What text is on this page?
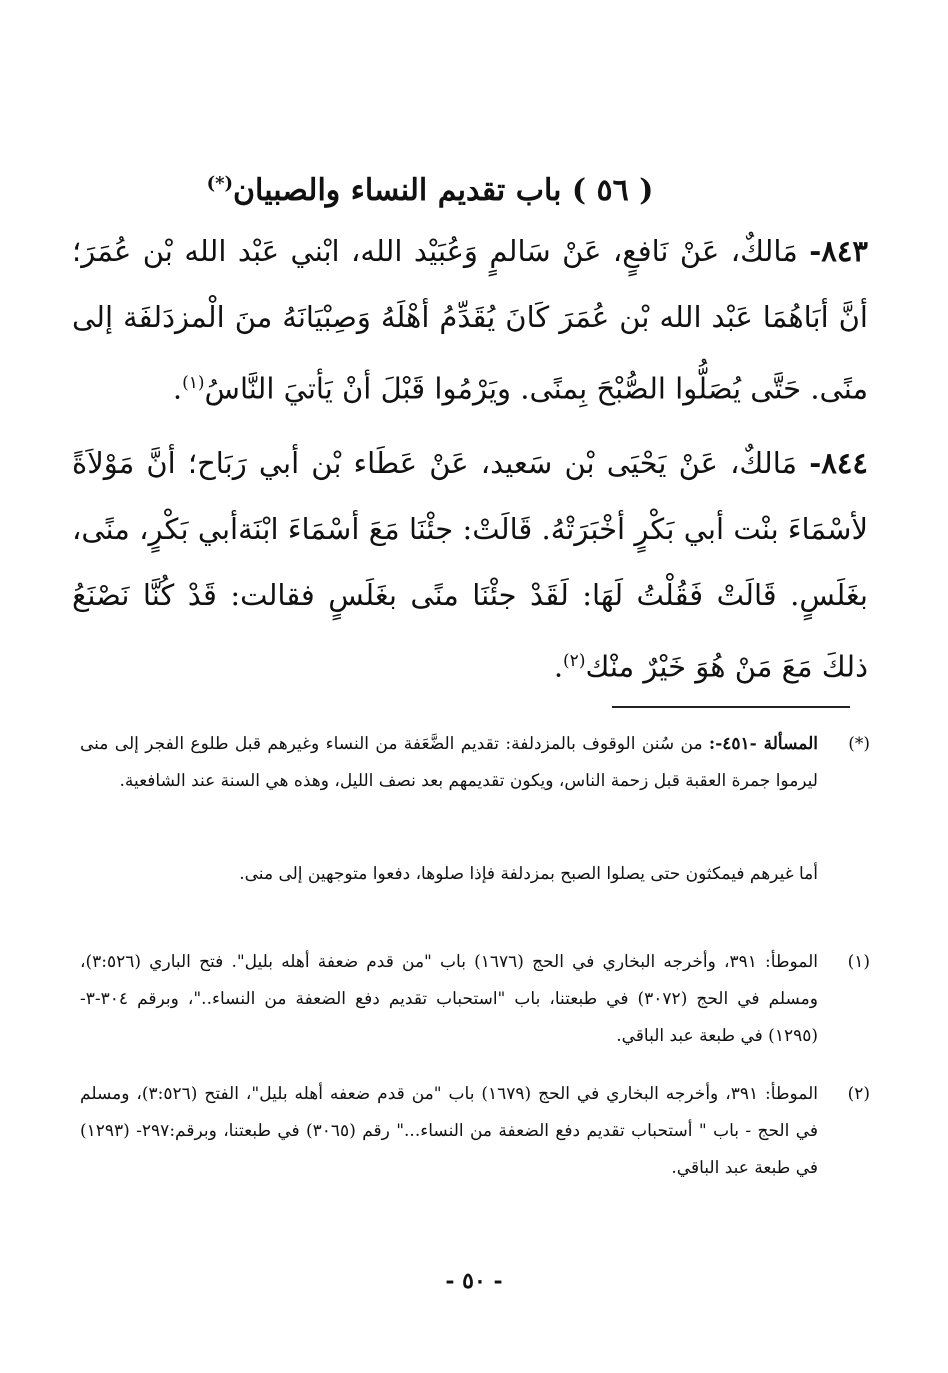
( ٥٦ ) باب تقديم النساء والصبيان(*)
٨٤٣- مَالكٌ، عَنْ نَافعٍ، عَنْ سَالمٍ وَعُبَيْد الله، ابْني عَبْد الله بْن عُمَرَ؛ أنَّ أبَاهُمَا عَبْد الله بْن عُمَرَ كَانَ يُقَدِّمُ أهْلَهُ وَصِبْيَانَهُ منَ الْمزدَلفَة إلى منًى. حَتَّى يُصَلُّوا الصُّبْحَ بِمنًى. ويَرْمُوا قَبْلَ أنْ يَأتيَ النَّاسُ$^{(١)}$.
٨٤٤- مَالكٌ، عَنْ يَحْيَى بْن سَعيد، عَنْ عَطَاء بْن أبي رَبَاح؛ أنَّ مَوْلاَةً لأسْمَاءَ بنْت أبي بَكْرٍ أخْبَرَتْهُ. قَالَتْ: جئْنَا مَعَ أسْمَاءَ ابْنَةأبي بَكْرٍ، منًى، بغَلَسٍ. قَالَتْ فَقُلْتُ لَهَا: لَقَدْ جئْنَا منًى بغَلَسٍ فقالت: قَدْ كُنَّا نَصْنَعُ ذلكَ مَعَ مَنْ هُوَ خَيْرٌ منْك$^{(٢)}$.
(*)
المسألة -٤٥١-: من سُنن الوقوف بالمزدلفة: تقديم الضَّعَفة من النساء وغيرهم قبل طلوع الفجر إلى منى ليرموا جمرة العقبة قبل زحمة الناس، ويكون تقديمهم بعد نصف الليل، وهذه هي السنة عند الشافعية.
أما غيرهم فيمكثون حتى يصلوا الصبح بمزدلفة فإذا صلوها، دفعوا متوجهين إلى منى.
(١)
الموطأ: ٣٩١، وأخرجه البخاري في الحج (١٦٧٦) باب "من قدم ضعفة أهله بليل". فتح الباري (٣:٥٢٦)، ومسلم في الحج (٣٠٧٢) في طبعتنا، باب "استحباب تقديم دفع الضعفة من النساء.."، وبرقم ٣٠٤-٣- (١٢٩٥) في طبعة عبد الباقي.
(٢)
الموطأ: ٣٩١، وأخرجه البخاري في الحج (١٦٧٩) باب "من قدم ضعفه أهله بليل"، الفتح (٣:٥٢٦)، ومسلم في الحج - باب " أستحباب تقديم دفع الضعفة من النساء..." رقم (٣٠٦٥) في طبعتنا، وبرقم:٢٩٧- (١٢٩٣) في طبعة عبد الباقي.
- ٥٠ -
